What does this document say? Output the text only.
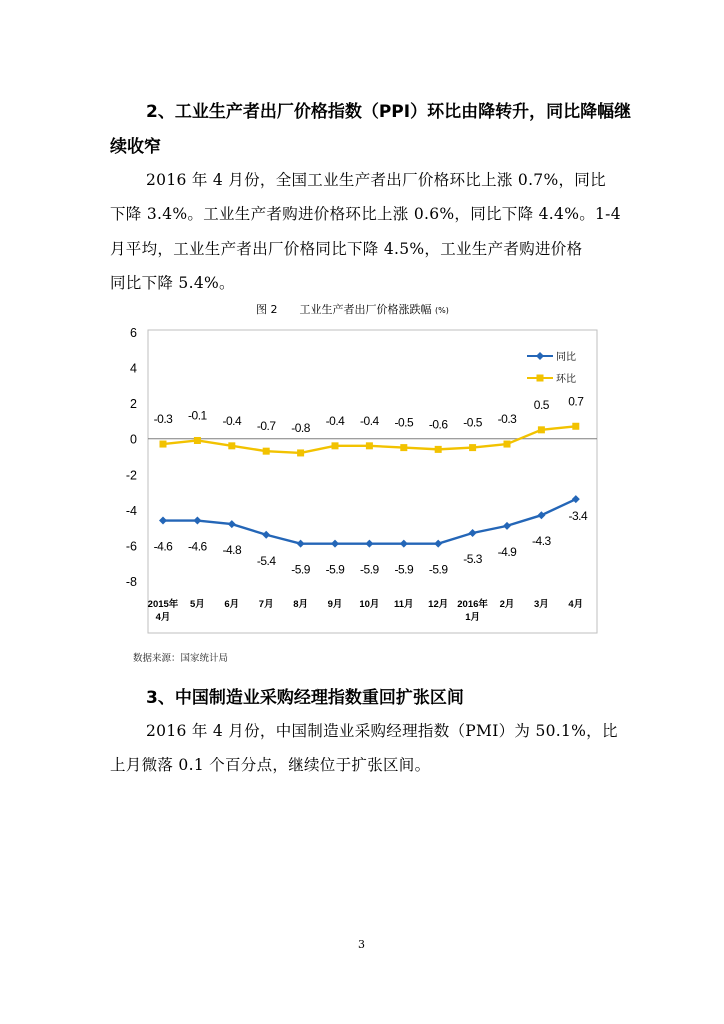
2、工业生产者出厂价格指数（PPI）环比由降转升，同比降幅继
续收窄
2016 年 4 月份，全国工业生产者出厂价格环比上涨 0.7%，同比
下降 3.4%。工业生产者购进价格环比上涨 0.6%，同比下降 4.4%。1-4
月平均，工业生产者出厂价格同比下降 4.5%，工业生产者购进价格
同比下降 5.4%。
图 2　　工业生产者出厂价格涨跌幅 (%)
6
4
2
0
-2
-4
-6
-8
2015年 4月
5月 6月 7月 8月 9月 10月 11月 12月 2016年 1月
2月 3月 4月
-4.6 -4.6 -4.8
-5.4
-5.9 -5.9 -5.9 -5.9 -5.9
-5.3
-4.9
-4.3
-3.4
-0.3 -0.1 -0.4 -0.7 -0.8
-0.4 -0.4 -0.5 -0.6 -0.5 -0.3
0.5 0.7
同比
环比
数据来源：国家统计局
3、中国制造业采购经理指数重回扩张区间
2016 年 4 月份，中国制造业采购经理指数（PMI）为 50.1%，比
上月微落 0.1 个百分点，继续位于扩张区间。
3
